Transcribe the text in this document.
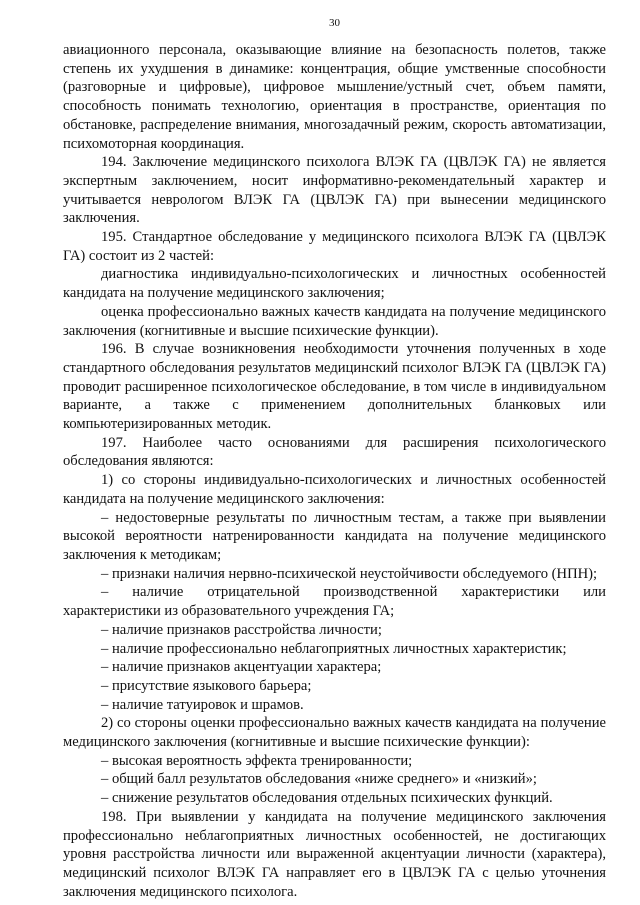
30

авиационного персонала, оказывающие влияние на безопасность полетов, также степень их ухудшения в динамике: концентрация, общие умственные способности (разговорные и цифровые), цифровое мышление/устный счет, объем памяти, способность понимать технологию, ориентация в пространстве, ориентация по обстановке, распределение внимания, многозадачный режим, скорость автоматизации, психомоторная координация.

194. Заключение медицинского психолога ВЛЭК ГА (ЦВЛЭК ГА) не является экспертным заключением, носит информативно-рекомендательный характер и учитывается неврологом ВЛЭК ГА (ЦВЛЭК ГА) при вынесении медицинского заключения.

195. Стандартное обследование у медицинского психолога ВЛЭК ГА (ЦВЛЭК ГА) состоит из 2 частей:

диагностика индивидуально-психологических и личностных особенностей кандидата на получение медицинского заключения;

оценка профессионально важных качеств кандидата на получение медицинского заключения (когнитивные и высшие психические функции).

196. В случае возникновения необходимости уточнения полученных в ходе стандартного обследования результатов медицинский психолог ВЛЭК ГА (ЦВЛЭК ГА) проводит расширенное психологическое обследование, в том числе в индивидуальном варианте, а также с применением дополнительных бланковых или компьютеризированных методик.

197. Наиболее часто основаниями для расширения психологического обследования являются:

1) со стороны индивидуально-психологических и личностных особенностей кандидата на получение медицинского заключения:

– недостоверные результаты по личностным тестам, а также при выявлении высокой вероятности натренированности кандидата на получение медицинского заключения к методикам;

– признаки наличия нервно-психической неустойчивости обследуемого (НПН);

– наличие отрицательной производственной характеристики или характеристики из образовательного учреждения ГА;

– наличие признаков расстройства личности;

– наличие профессионально неблагоприятных личностных характеристик;

– наличие признаков акцентуации характера;

– присутствие языкового барьера;

– наличие татуировок и шрамов.

2) со стороны оценки профессионально важных качеств кандидата на получение медицинского заключения (когнитивные и высшие психические функции):

– высокая вероятность эффекта тренированности;

– общий балл результатов обследования «ниже среднего» и «низкий»;

– снижение результатов обследования отдельных психических функций.

198. При выявлении у кандидата на получение медицинского заключения профессионально неблагоприятных личностных особенностей, не достигающих уровня расстройства личности или выраженной акцентуации личности (характера), медицинский психолог ВЛЭК ГА направляет его в ЦВЛЭК ГА с целью уточнения заключения медицинского психолога.
